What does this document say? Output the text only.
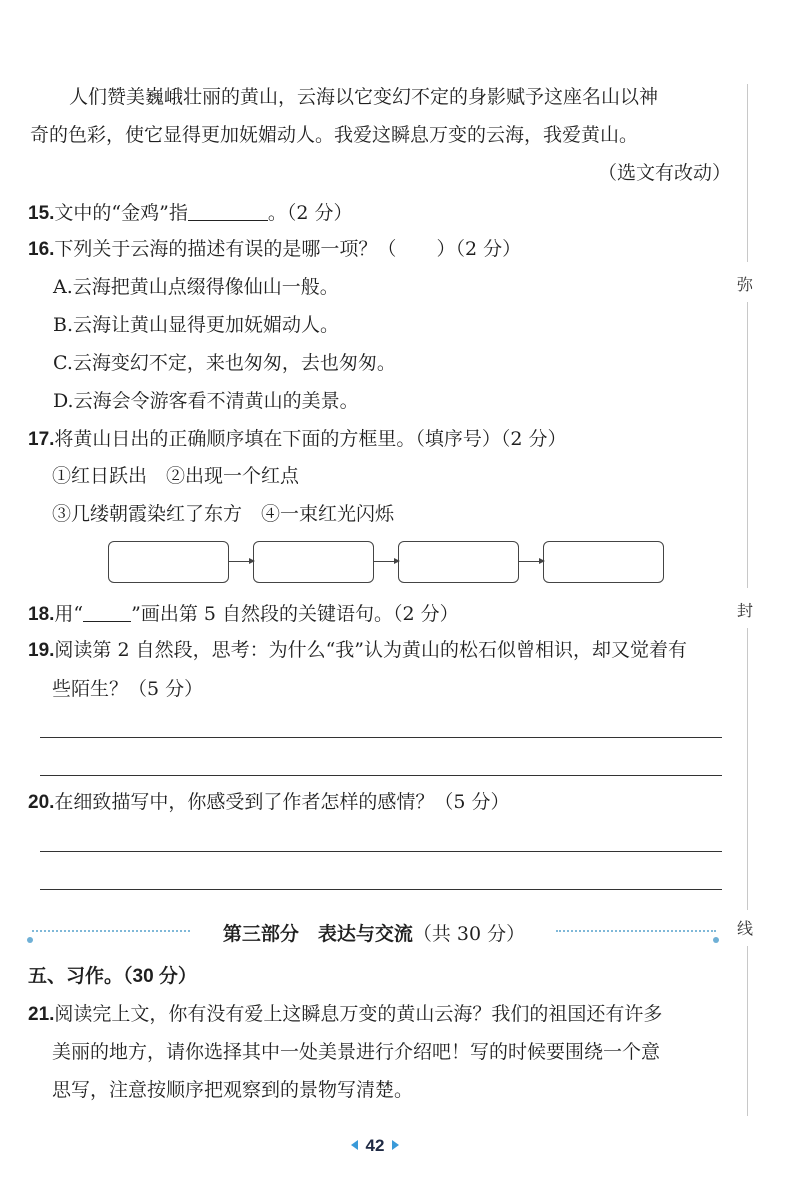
人们赞美巍峨壮丽的黄山，云海以它变幻不定的身影赋予这座名山以神
奇的色彩，使它显得更加妩媚动人。我爱这瞬息万变的云海，我爱黄山。
（选文有改动）
15.文中的“金鸡”指	。（2 分）
16.下列关于云海的描述有误的是哪一项？（ ）（2 分）
A.云海把黄山点缀得像仙山一般。
B.云海让黄山显得更加妩媚动人。
C.云海变幻不定，来也匆匆，去也匆匆。
D.云海会令游客看不清黄山的美景。
17.将黄山日出的正确顺序填在下面的方框里。（填序号）（2 分）
①红日跃出　②出现一个红点
③几缕朝霞染红了东方　④一束红光闪烁
18.用“	”画出第 5 自然段的关键语句。（2 分）
19.阅读第 2 自然段，思考：为什么“我”认为黄山的松石似曾相识，却又觉着有
些陌生？（5 分）
20.在细致描写中，你感受到了作者怎样的感情？（5 分）
第三部分　表达与交流（共 30 分）
五、习作。（30 分）
21.阅读完上文，你有没有爱上这瞬息万变的黄山云海？我们的祖国还有许多
美丽的地方，请你选择其中一处美景进行介绍吧！写的时候要围绕一个意
思写，注意按顺序把观察到的景物写清楚。
弥
封
线
42
